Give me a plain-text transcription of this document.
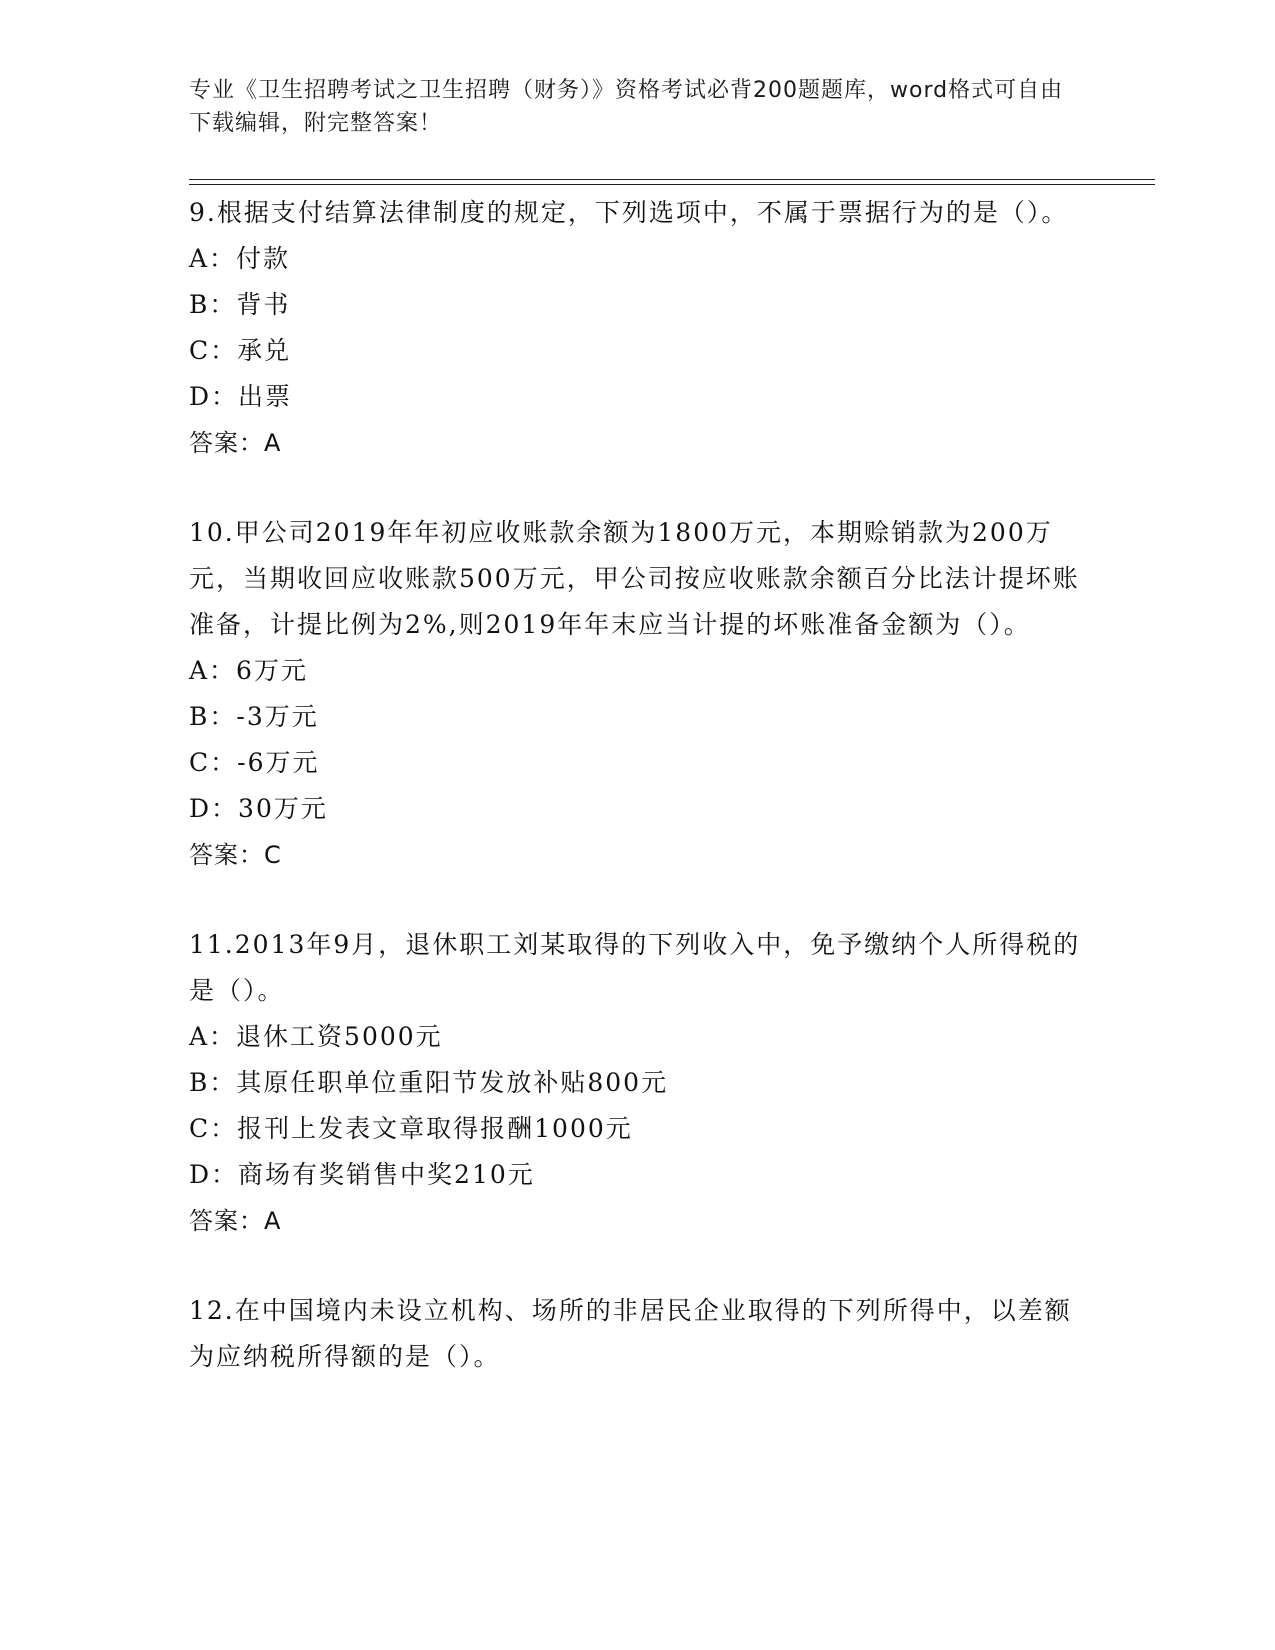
专业《卫生招聘考试之卫生招聘（财务）》资格考试必背200题题库，word格式可自由下载编辑，附完整答案！

9.根据支付结算法律制度的规定，下列选项中，不属于票据行为的是（）。

A：付款

B：背书

C：承兑

D：出票

答案：A

10.甲公司2019年年初应收账款余额为1800万元，本期赊销款为200万元，当期收回应收账款500万元，甲公司按应收账款余额百分比法计提坏账准备，计提比例为2%,则2019年年末应当计提的坏账准备金额为（）。

A：6万元

B：-3万元

C：-6万元

D：30万元

答案：C

11.2013年9月，退休职工刘某取得的下列收入中，免予缴纳个人所得税的是（）。

A：退休工资5000元

B：其原任职单位重阳节发放补贴800元

C：报刊上发表文章取得报酬1000元

D：商场有奖销售中奖210元

答案：A

12.在中国境内未设立机构、场所的非居民企业取得的下列所得中，以差额为应纳税所得额的是（）。
